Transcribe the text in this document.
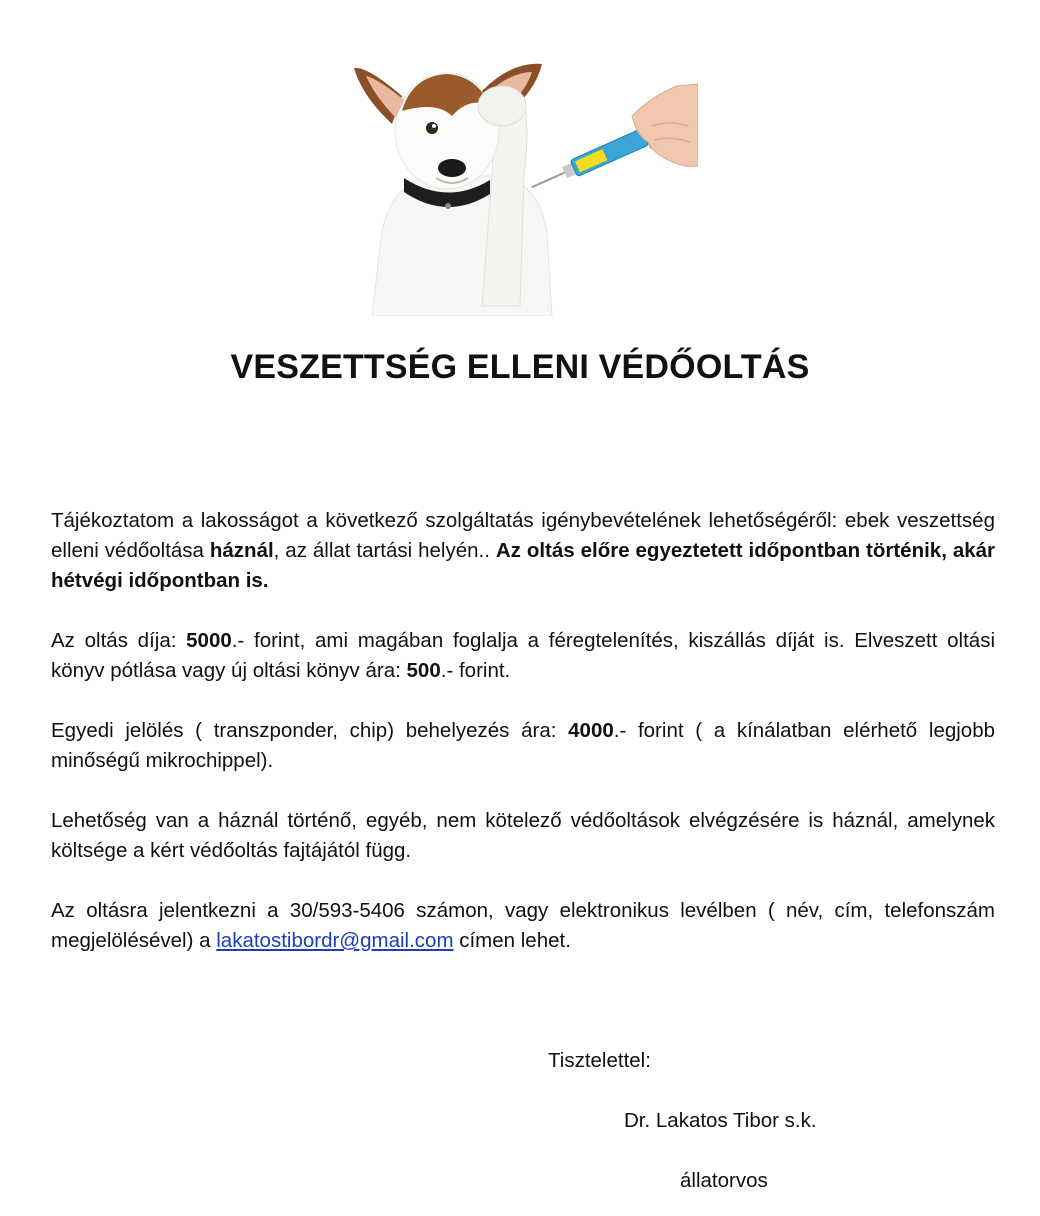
VESZETTSÉG ELLENI VÉDŐOLTÁS

Tájékoztatom a lakosságot a következő szolgáltatás igénybevételének lehetőségéről: ebek veszettség elleni védőoltása háznál, az állat tartási helyén.. Az oltás előre egyeztetett időpontban történik, akár hétvégi időpontban is.

Az oltás díja: 5000.- forint, ami magában foglalja a féregtelenítés, kiszállás díját is. Elveszett oltási könyv pótlása vagy új oltási könyv ára: 500.- forint.

Egyedi jelölés ( transzponder, chip) behelyezés ára: 4000.- forint ( a kínálatban elérhető legjobb minőségű mikrochippel).

Lehetőség van a háznál történő, egyéb, nem kötelező védőoltások elvégzésére is háznál, amelynek költsége a kért védőoltás fajtájától függ.

Az oltásra jelentkezni a 30/593-5406 számon, vagy elektronikus levélben ( név, cím, telefonszám megjelölésével) a lakatostibordr@gmail.com címen lehet.

Tisztelettel:

Dr. Lakatos Tibor s.k.

állatorvos
